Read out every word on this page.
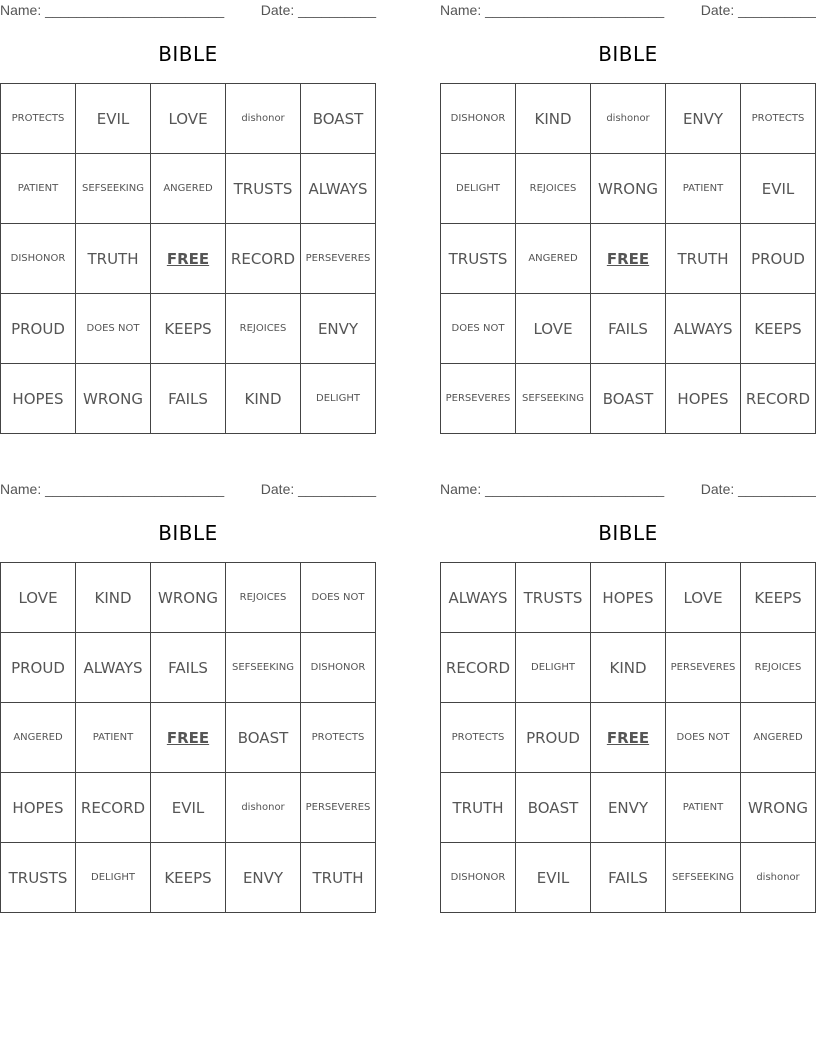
Name: _______________________	Date: __________
BIBLE
PROTECTS	EVIL	LOVE	dishonor	BOAST
PATIENT	SEFSEEKING	ANGERED	TRUSTS	ALWAYS
DISHONOR	TRUTH	FREE	RECORD	PERSEVERES
PROUD	DOES NOT	KEEPS	REJOICES	ENVY
HOPES	WRONG	FAILS	KIND	DELIGHT
Name: _______________________	Date: __________
BIBLE
DISHONOR	KIND	dishonor	ENVY	PROTECTS
DELIGHT	REJOICES	WRONG	PATIENT	EVIL
TRUSTS	ANGERED	FREE	TRUTH	PROUD
DOES NOT	LOVE	FAILS	ALWAYS	KEEPS
PERSEVERES	SEFSEEKING	BOAST	HOPES	RECORD
Name: _______________________	Date: __________
BIBLE
LOVE	KIND	WRONG	REJOICES	DOES NOT
PROUD	ALWAYS	FAILS	SEFSEEKING	DISHONOR
ANGERED	PATIENT	FREE	BOAST	PROTECTS
HOPES	RECORD	EVIL	dishonor	PERSEVERES
TRUSTS	DELIGHT	KEEPS	ENVY	TRUTH
Name: _______________________	Date: __________
BIBLE
ALWAYS	TRUSTS	HOPES	LOVE	KEEPS
RECORD	DELIGHT	KIND	PERSEVERES	REJOICES
PROTECTS	PROUD	FREE	DOES NOT	ANGERED
TRUTH	BOAST	ENVY	PATIENT	WRONG
DISHONOR	EVIL	FAILS	SEFSEEKING	dishonor
